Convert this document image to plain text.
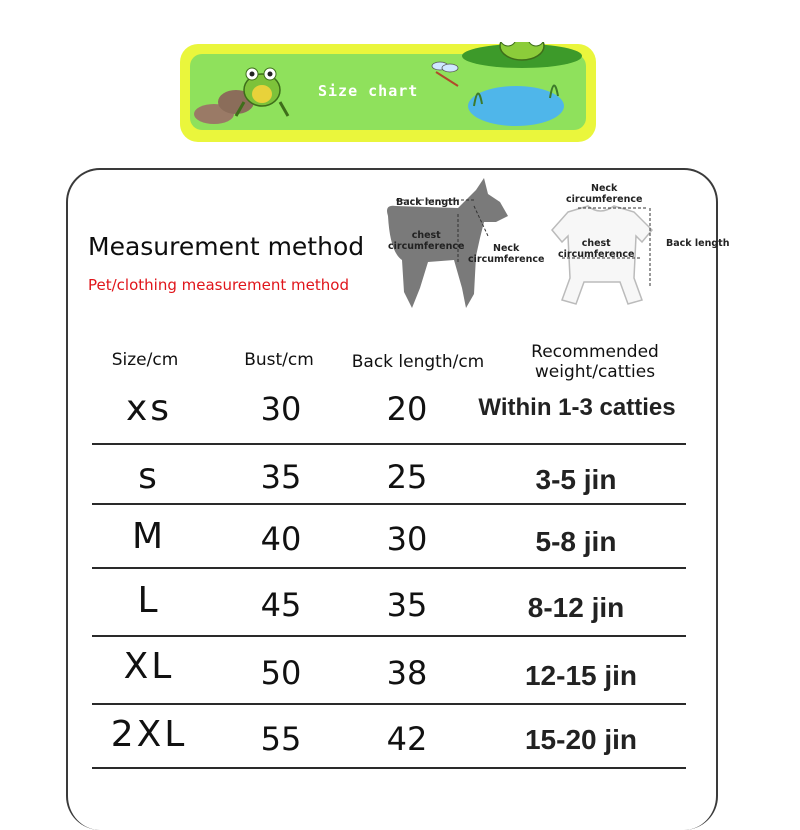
Size chart
Measurement method
Pet/clothing measurement method
Back length
chest
circumference	Neck
circumference
Neck
circumference
chest
circumference
Back length
Size/cm	Bust/cm	Back length/cm	Recommended
weight/catties
xs	30	20	Within 1-3 catties
s	35	25	3-5 jin
M	40	30	5-8 jin
L	45	35	8-12 jin
XL	50	38	12-15 jin
2XL	55	42	15-20 jin
